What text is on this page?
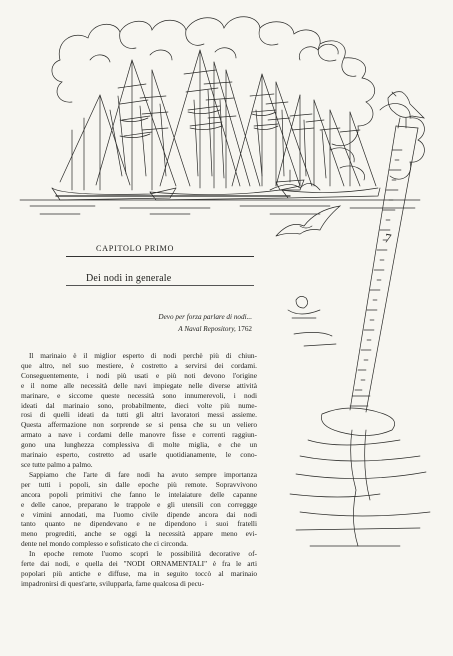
7
CAPITOLO PRIMO
Dei nodi in generale
Devo per forza parlare di nodi...
A Naval Repository, 1762
Il marinaio è il miglior esperto di nodi perchè più di chiun-
que altro, nel suo mestiere, è costretto a servirsi dei cordami.
Conseguentemente, i nodi più usati e più noti devono l'origine
e il nome alle necessità delle navi impiegate nelle diverse attività
marinare, e siccome queste necessità sono innumerevoli, i nodi
ideati dal marinaio sono, probabilmente, dieci volte più nume-
rosi di quelli ideati da tutti gli altri lavoratori messi assieme.
Questa affermazione non sorprende se si pensa che su un veliero
armato a nave i cordami delle manovre fisse e correnti raggiun-
gono una lunghezza complessiva di molte miglia, e che un
marinaio esperto, costretto ad usarle quotidianamente, le cono-
sce tutte palmo a palmo.
Sappiamo che l'arte di fare nodi ha avuto sempre importanza
per tutti i popoli, sin dalle epoche più remote. Sopravvivono
ancora popoli primitivi che fanno le intelaiature delle capanne
e delle canoe, preparano le trappole e gli utensili con correggge
e vimini annodati, ma l'uomo civile dipende ancora dai nodi
tanto quanto ne dipendevano e ne dipendono i suoi fratelli
meno progrediti, anche se oggi la necessità appare meno evi-
dente nel mondo complesso e sofisticato che ci circonda.
In epoche remote l'uomo scoprì le possibilità decorative of-
ferte dai nodi, e quella dei "NODI ORNAMENTALI" è fra le arti
popolari più antiche e diffuse, ma in seguito toccò al marinaio
impadronirsi di quest'arte, svilupparla, farne qualcosa di pecu-
